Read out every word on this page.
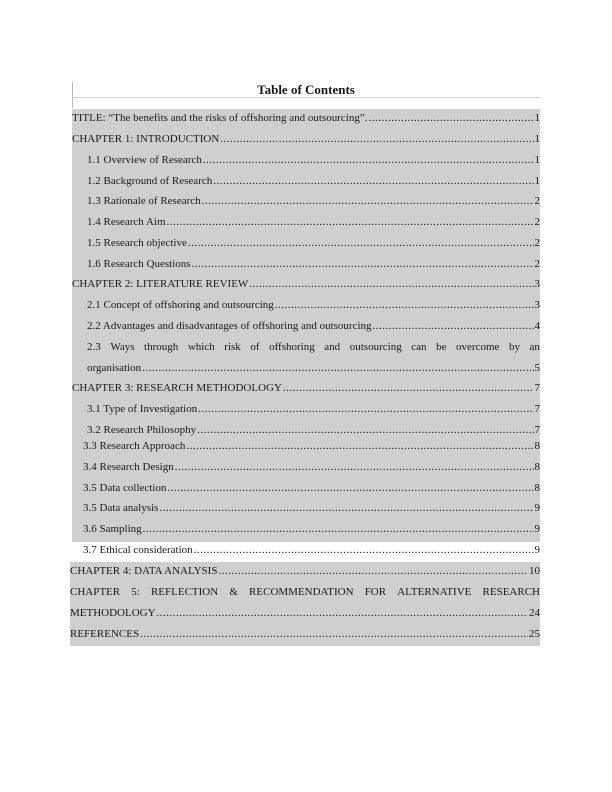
Table of Contents
TITLE: “The benefits and the risks of offshoring and outsourcing”. .....	1
CHAPTER 1: INTRODUCTION .....	1
1.1 Overview of Research .....	1
1.2 Background of Research .....	1
1.3 Rationale of Research .....	2
1.4 Research Aim .....	2
1.5 Research objective .....	2
1.6 Research Questions .....	2
CHAPTER 2: LITERATURE REVIEW .....	3
2.1 Concept of offshoring and outsourcing .....	3
2.2 Advantages and disadvantages of offshoring and outsourcing .....	4
2.3 Ways through which risk of offshoring and outsourcing can be overcome by an
organisation .....	5
CHAPTER 3: RESEARCH METHODOLOGY .....	7
3.1 Type of Investigation .....	7
3.2 Research Philosophy .....	7
3.3 Research Approach .....	8
3.4 Research Design .....	8
3.5 Data collection .....	8
3.5 Data analysis .....	9
3.6 Sampling .....	9
3.7 Ethical consideration .....	9
CHAPTER 4: DATA ANALYSIS .....	10
CHAPTER 5: REFLECTION & RECOMMENDATION FOR ALTERNATIVE RESEARCH
METHODOLOGY .....	24
REFERENCES .....	25
